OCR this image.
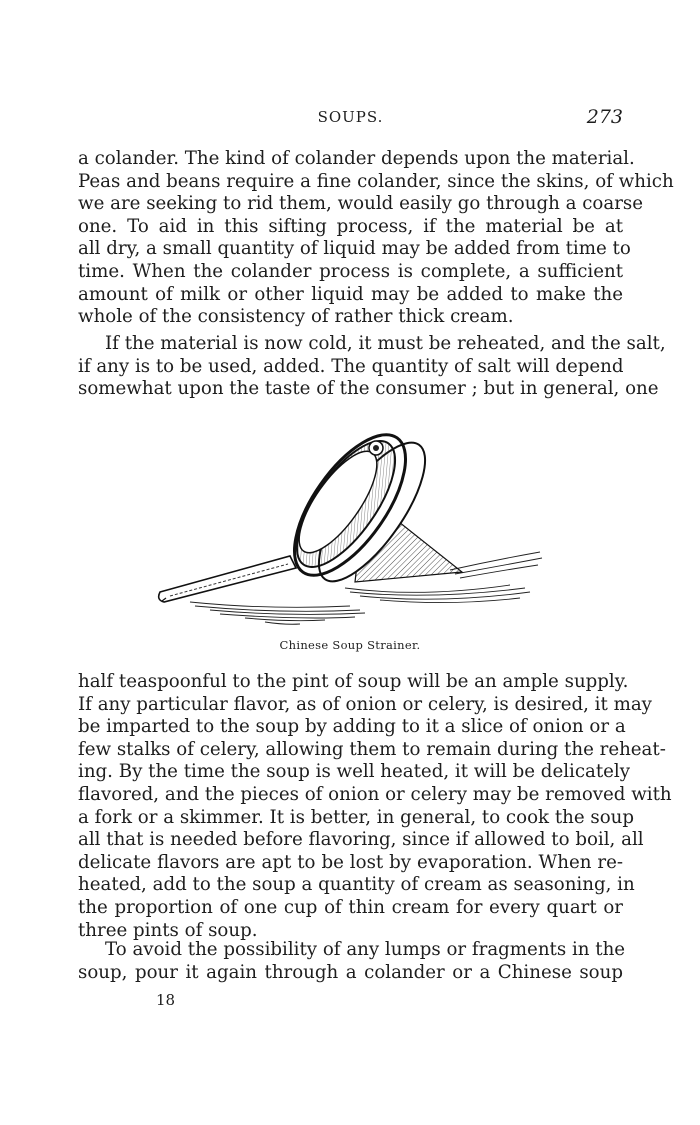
SOUPS.	273
a colander. The kind of colander depends upon the material.
Peas and beans require a fine colander, since the skins, of which
we are seeking to rid them, would easily go through a coarse
one. To aid in this sifting process, if the material be at
all dry, a small quantity of liquid may be added from time to
time. When the colander process is complete, a sufficient
amount of milk or other liquid may be added to make the
whole of the consistency of rather thick cream.
If the material is now cold, it must be reheated, and the salt,
if any is to be used, added. The quantity of salt will depend
somewhat upon the taste of the consumer ; but in general, one
Chinese Soup Strainer.
half teaspoonful to the pint of soup will be an ample supply.
If any particular flavor, as of onion or celery, is desired, it may
be imparted to the soup by adding to it a slice of onion or a
few stalks of celery, allowing them to remain during the reheat-
ing. By the time the soup is well heated, it will be delicately
flavored, and the pieces of onion or celery may be removed with
a fork or a skimmer. It is better, in general, to cook the soup
all that is needed before flavoring, since if allowed to boil, all
delicate flavors are apt to be lost by evaporation. When re-
heated, add to the soup a quantity of cream as seasoning, in
the proportion of one cup of thin cream for every quart or
three pints of soup.
To avoid the possibility of any lumps or fragments in the
soup, pour it again through a colander or a Chinese soup
18
